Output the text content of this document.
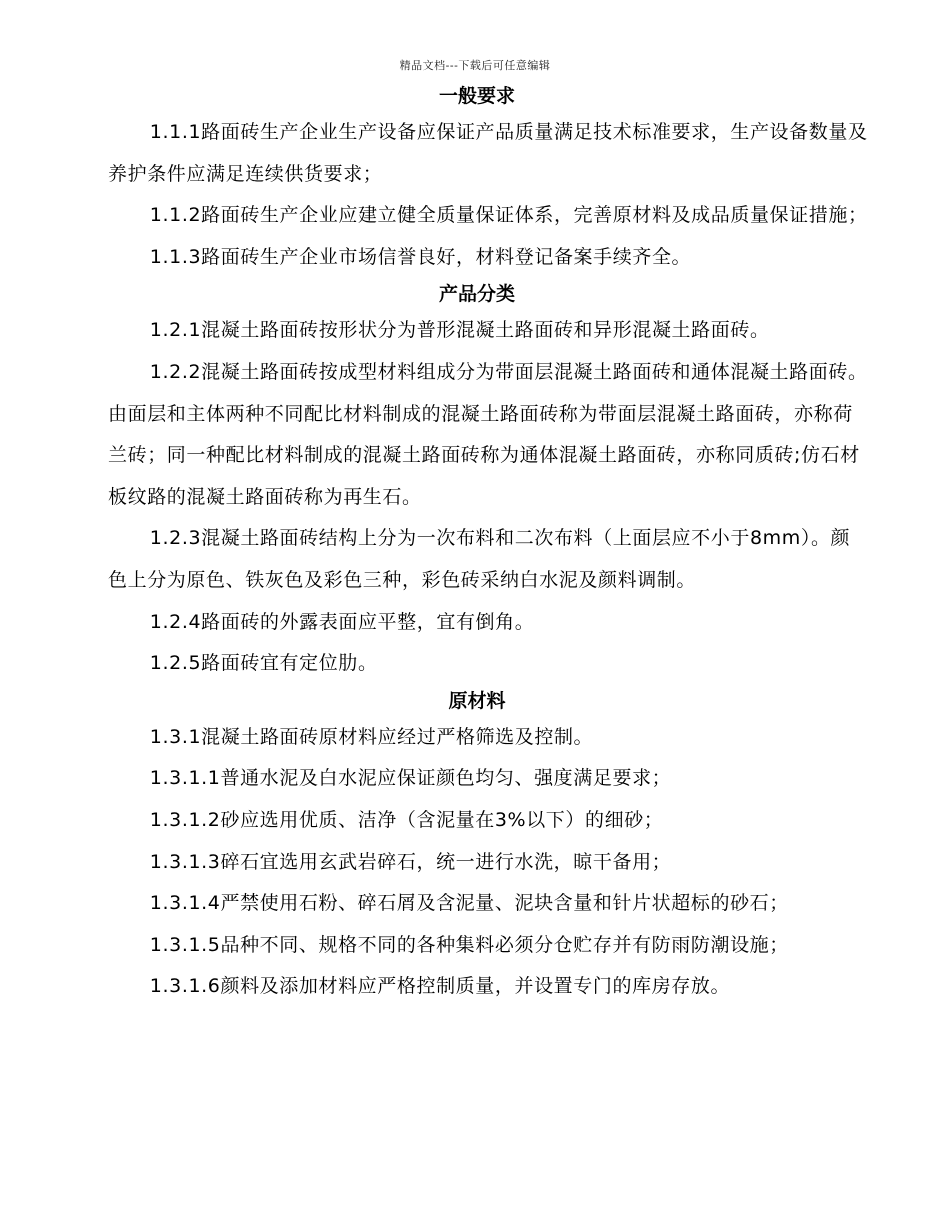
精品文档---下载后可任意编辑
一般要求

1.1.1路面砖生产企业生产设备应保证产品质量满足技术标准要求，生产设备数量及养护条件应满足连续供货要求；

1.1.2路面砖生产企业应建立健全质量保证体系，完善原材料及成品质量保证措施；

1.1.3路面砖生产企业市场信誉良好，材料登记备案手续齐全。

产品分类

1.2.1混凝土路面砖按形状分为普形混凝土路面砖和异形混凝土路面砖。

1.2.2混凝土路面砖按成型材料组成分为带面层混凝土路面砖和通体混凝土路面砖。由面层和主体两种不同配比材料制成的混凝土路面砖称为带面层混凝土路面砖，亦称荷兰砖；同一种配比材料制成的混凝土路面砖称为通体混凝土路面砖，亦称同质砖;仿石材板纹路的混凝土路面砖称为再生石。

1.2.3混凝土路面砖结构上分为一次布料和二次布料（上面层应不小于8mm）。颜色上分为原色、铁灰色及彩色三种，彩色砖采纳白水泥及颜料调制。

1.2.4路面砖的外露表面应平整，宜有倒角。

1.2.5路面砖宜有定位肋。

原材料

1.3.1混凝土路面砖原材料应经过严格筛选及控制。

1.3.1.1普通水泥及白水泥应保证颜色均匀、强度满足要求；

1.3.1.2砂应选用优质、洁净（含泥量在3%以下）的细砂；

1.3.1.3碎石宜选用玄武岩碎石，统一进行水洗，晾干备用；

1.3.1.4严禁使用石粉、碎石屑及含泥量、泥块含量和针片状超标的砂石；

1.3.1.5品种不同、规格不同的各种集料必须分仓贮存并有防雨防潮设施；

1.3.1.6颜料及添加材料应严格控制质量，并设置专门的库房存放。
